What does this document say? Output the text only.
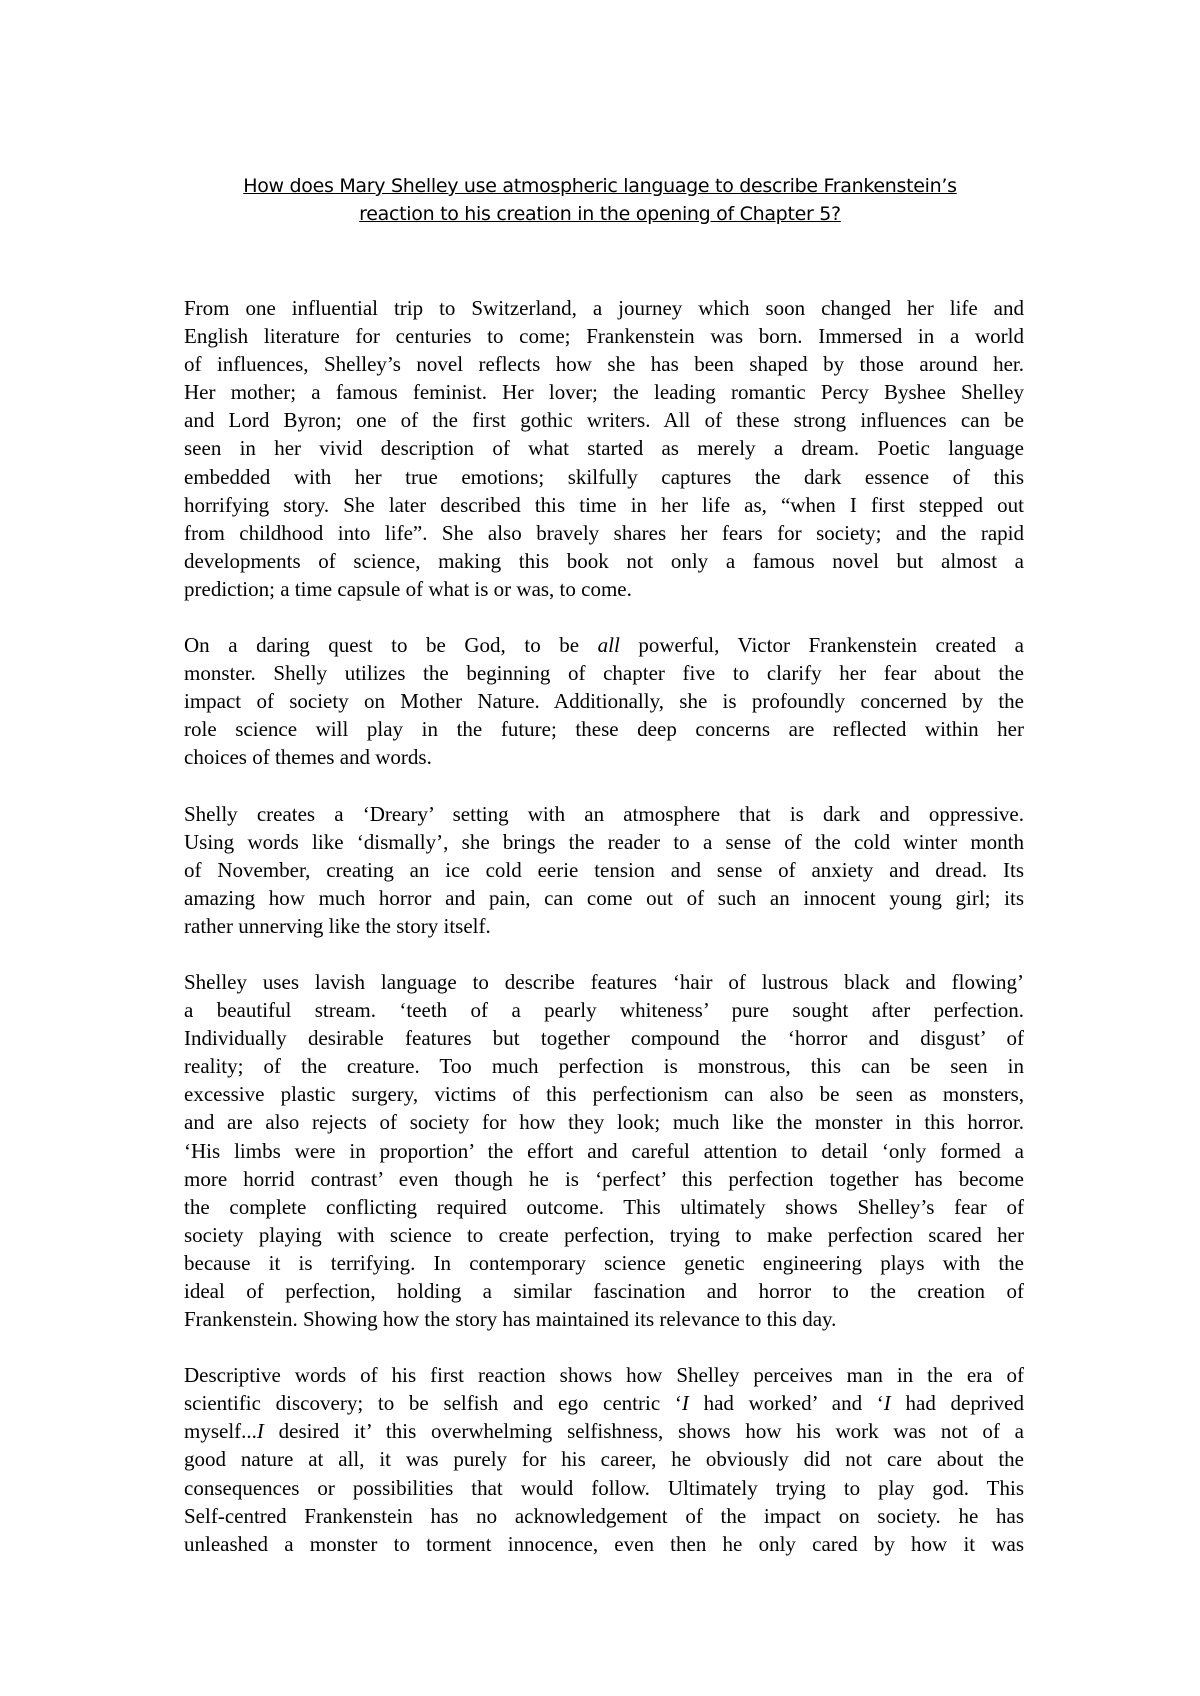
How does Mary Shelley use atmospheric language to describe Frankenstein’s
reaction to his creation in the opening of Chapter 5?

From one influential trip to Switzerland, a journey which soon changed her life and
English literature for centuries to come; Frankenstein was born. Immersed in a world
of influences, Shelley’s novel reflects how she has been shaped by those around her.
Her mother; a famous feminist. Her lover; the leading romantic Percy Byshee Shelley
and Lord Byron; one of the first gothic writers. All of these strong influences can be
seen in her vivid description of what started as merely a dream. Poetic language
embedded with her true emotions; skilfully captures the dark essence of this
horrifying story. She later described this time in her life as, “when I first stepped out
from childhood into life”. She also bravely shares her fears for society; and the rapid
developments of science, making this book not only a famous novel but almost a
prediction; a time capsule of what is or was, to come.

On a daring quest to be God, to be all powerful, Victor Frankenstein created a
monster. Shelly utilizes the beginning of chapter five to clarify her fear about the
impact of society on Mother Nature. Additionally, she is profoundly concerned by the
role science will play in the future; these deep concerns are reflected within her
choices of themes and words.

Shelly creates a ‘Dreary’ setting with an atmosphere that is dark and oppressive.
Using words like ‘dismally’, she brings the reader to a sense of the cold winter month
of November, creating an ice cold eerie tension and sense of anxiety and dread. Its
amazing how much horror and pain, can come out of such an innocent young girl; its
rather unnerving like the story itself.

Shelley uses lavish language to describe features ‘hair of lustrous black and flowing’
a beautiful stream. ‘teeth of a pearly whiteness’ pure sought after perfection.
Individually desirable features but together compound the ‘horror and disgust’ of
reality; of the creature. Too much perfection is monstrous, this can be seen in
excessive plastic surgery, victims of this perfectionism can also be seen as monsters,
and are also rejects of society for how they look; much like the monster in this horror.
‘His limbs were in proportion’ the effort and careful attention to detail ‘only formed a
more horrid contrast’ even though he is ‘perfect’ this perfection together has become
the complete conflicting required outcome. This ultimately shows Shelley’s fear of
society playing with science to create perfection, trying to make perfection scared her
because it is terrifying. In contemporary science genetic engineering plays with the
ideal of perfection, holding a similar fascination and horror to the creation of
Frankenstein. Showing how the story has maintained its relevance to this day.

Descriptive words of his first reaction shows how Shelley perceives man in the era of
scientific discovery; to be selfish and ego centric ‘I had worked’ and ‘I had deprived
myself...I desired it’ this overwhelming selfishness, shows how his work was not of a
good nature at all, it was purely for his career, he obviously did not care about the
consequences or possibilities that would follow. Ultimately trying to play god. This
Self-centred Frankenstein has no acknowledgement of the impact on society. he has
unleashed a monster to torment innocence, even then he only cared by how it was
